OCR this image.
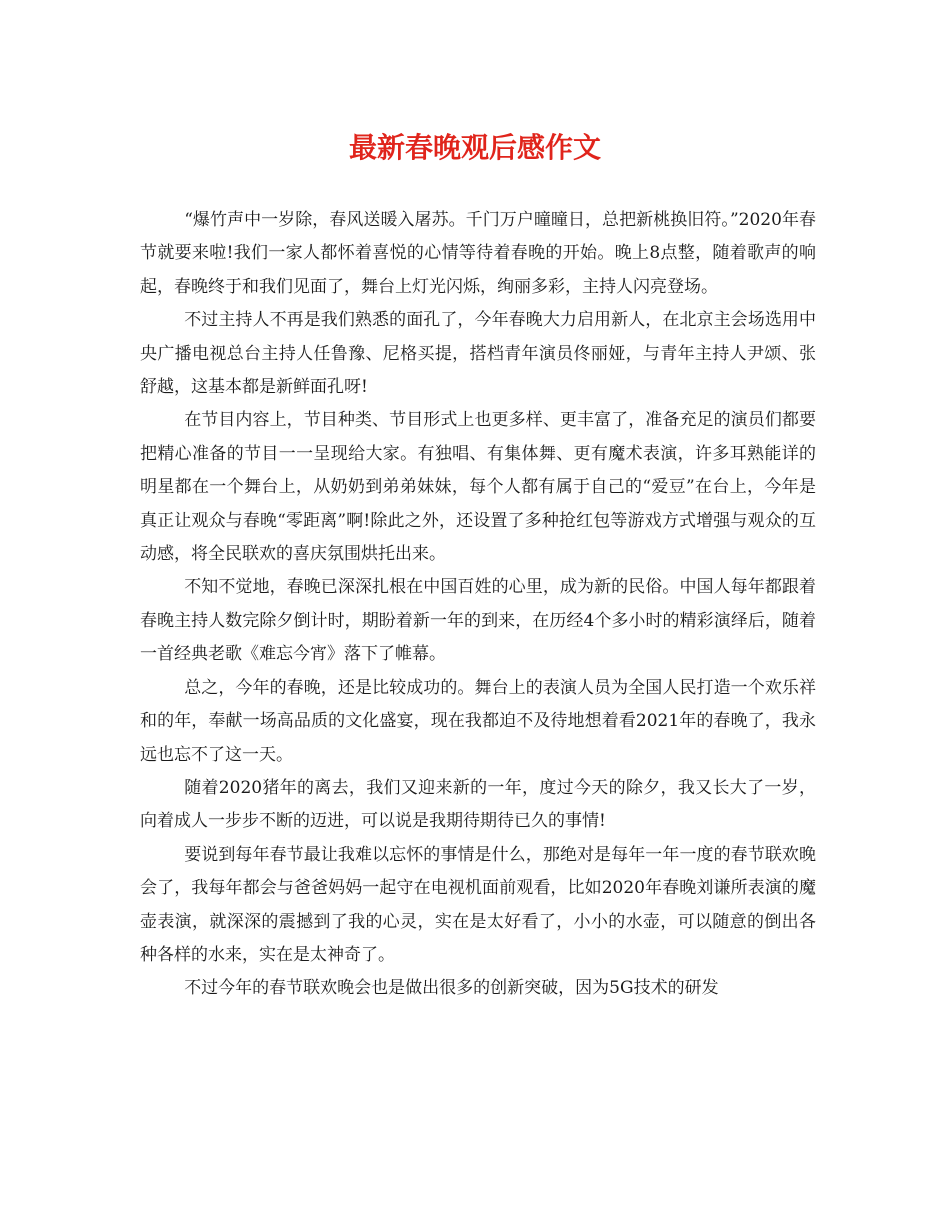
最新春晚观后感作文

“爆竹声中一岁除，春风送暖入屠苏。千门万户曈曈日，总把新桃换旧符。”2020年春节就要来啦!我们一家人都怀着喜悦的心情等待着春晚的开始。晚上8点整，随着歌声的响起，春晚终于和我们见面了，舞台上灯光闪烁，绚丽多彩，主持人闪亮登场。

不过主持人不再是我们熟悉的面孔了，今年春晚大力启用新人，在北京主会场选用中央广播电视总台主持人任鲁豫、尼格买提，搭档青年演员佟丽娅，与青年主持人尹颂、张舒越，这基本都是新鲜面孔呀!

在节目内容上，节目种类、节目形式上也更多样、更丰富了，准备充足的演员们都要把精心准备的节目一一呈现给大家。有独唱、有集体舞、更有魔术表演，许多耳熟能详的明星都在一个舞台上，从奶奶到弟弟妹妹，每个人都有属于自己的“爱豆”在台上，今年是真正让观众与春晚“零距离”啊!除此之外，还设置了多种抢红包等游戏方式增强与观众的互动感，将全民联欢的喜庆氛围烘托出来。

不知不觉地，春晚已深深扎根在中国百姓的心里，成为新的民俗。中国人每年都跟着春晚主持人数完除夕倒计时，期盼着新一年的到来，在历经4个多小时的精彩演绎后，随着一首经典老歌《难忘今宵》落下了帷幕。

总之，今年的春晚，还是比较成功的。舞台上的表演人员为全国人民打造一个欢乐祥和的年，奉献一场高品质的文化盛宴，现在我都迫不及待地想着看2021年的春晚了，我永远也忘不了这一天。

随着2020猪年的离去，我们又迎来新的一年，度过今天的除夕，我又长大了一岁，向着成人一步步不断的迈进，可以说是我期待期待已久的事情!

要说到每年春节最让我难以忘怀的事情是什么，那绝对是每年一年一度的春节联欢晚会了，我每年都会与爸爸妈妈一起守在电视机面前观看，比如2020年春晚刘谦所表演的魔壶表演，就深深的震撼到了我的心灵，实在是太好看了，小小的水壶，可以随意的倒出各种各样的水来，实在是太神奇了。

不过今年的春节联欢晚会也是做出很多的创新突破，因为5G技术的研发
